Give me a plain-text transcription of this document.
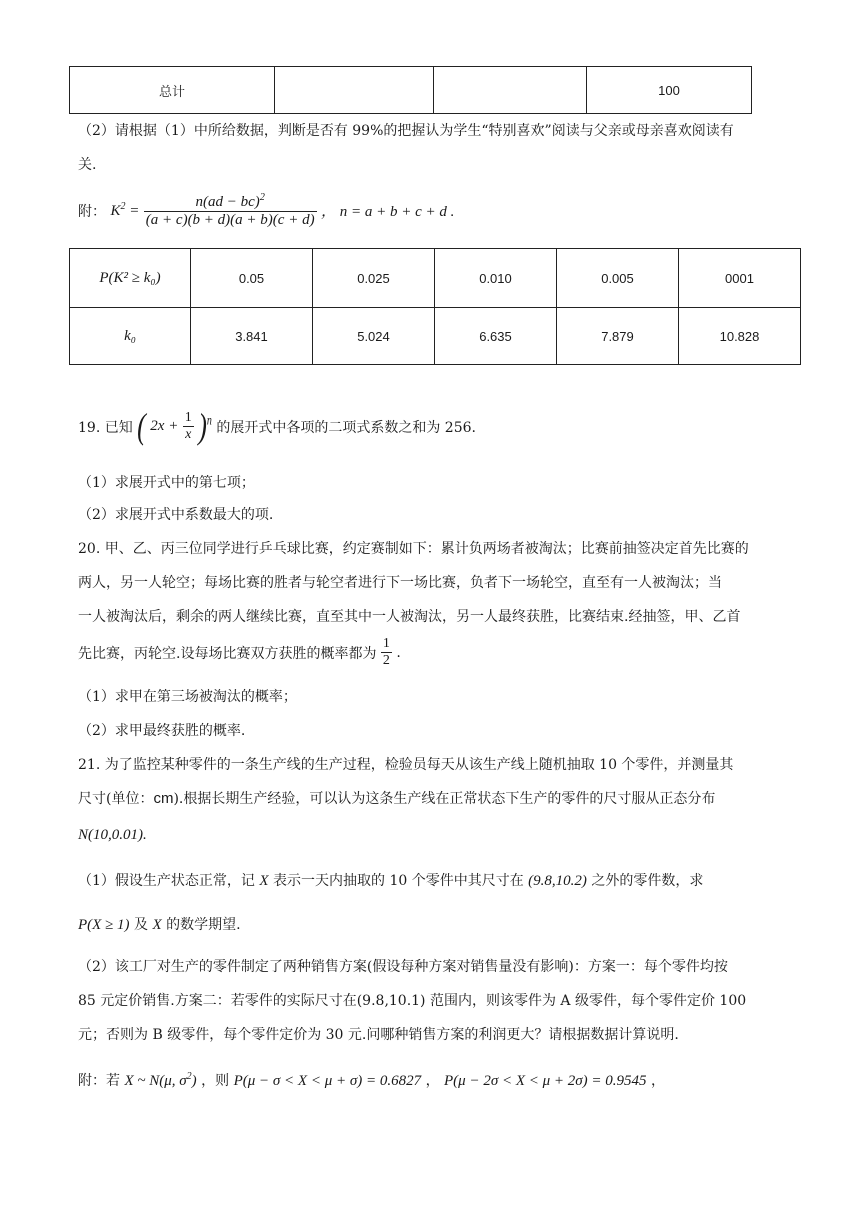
总计			100
（2）请根据（1）中所给数据，判断是否有 99%的把握认为学生“特别喜欢”阅读与父亲或母亲喜欢阅读有
关.
附： $K^2 = \frac{n(ad - bc)^2}{(a + c)(b + d)(a + b)(c + d)}$ ， n = a + b + c + d .
P(K² ≥ k₀)	0.05	0.025	0.010	0.005	0001
k₀	3.841	5.024	6.635	7.879	10.828
19. 已知 ( $2x + \frac{1}{x} )^n$ 的展开式中各项的二项式系数之和为 256.
（1）求展开式中的第七项；
（2）求展开式中系数最大的项.
20. 甲、乙、丙三位同学进行乒乓球比赛，约定赛制如下：累计负两场者被淘汰；比赛前抽签决定首先比赛的
两人，另一人轮空；每场比赛的胜者与轮空者进行下一场比赛，负者下一场轮空，直至有一人被淘汰；当
一人被淘汰后，剩余的两人继续比赛，直至其中一人被淘汰，另一人最终获胜，比赛结束.经抽签，甲、乙首
先比赛，丙轮空.设每场比赛双方获胜的概率都为 $\frac{1}{2}$ .
（1）求甲在第三场被淘汰的概率；
（2）求甲最终获胜的概率.
21. 为了监控某种零件的一条生产线的生产过程，检验员每天从该生产线上随机抽取 10 个零件，并测量其
尺寸(单位：cm).根据长期生产经验，可以认为这条生产线在正常状态下生产的零件的尺寸服从正态分布
N(10,0.01).
（1）假设生产状态正常，记 X 表示一天内抽取的 10 个零件中其尺寸在 (9.8,10.2) 之外的零件数，求
P(X ≥ 1) 及 X 的数学期望.
（2）该工厂对生产的零件制定了两种销售方案(假设每种方案对销售量没有影响)：方案一：每个零件均按
85 元定价销售.方案二：若零件的实际尺寸在(9.8,10.1) 范围内，则该零件为 A 级零件，每个零件定价 100
元；否则为 B 级零件，每个零件定价为 30 元.问哪种销售方案的利润更大？请根据数据计算说明.
附：若 X ~ N(μ, $\sigma^2$) ，则 P(μ − σ < X < μ + σ) = 0.6827 ， P(μ − 2σ < X < μ + 2σ) = 0.9545 ，
